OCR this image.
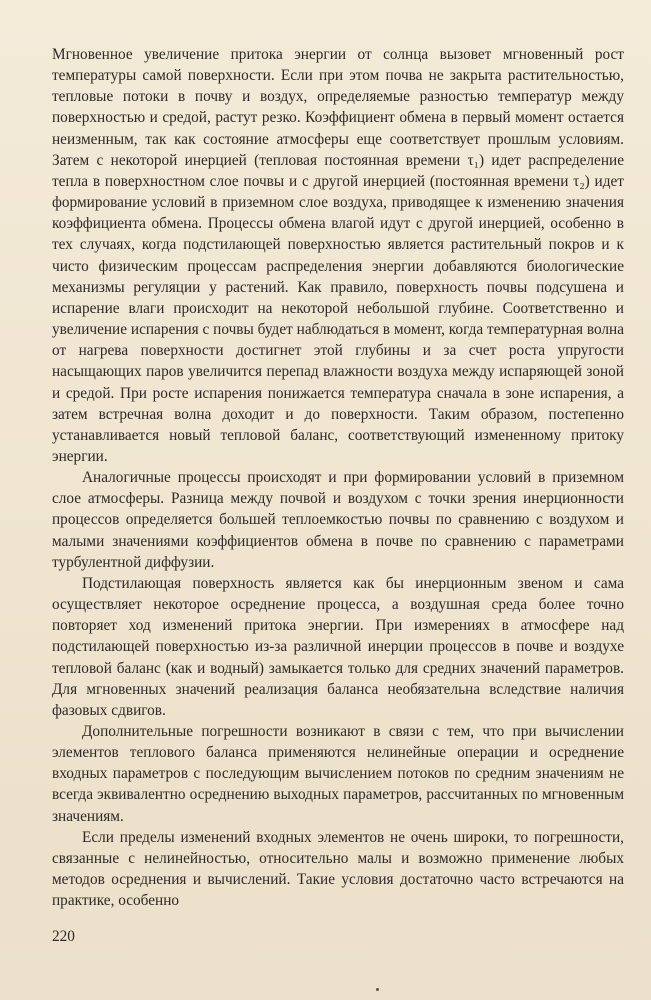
Мгновенное увеличение притока энергии от солнца вызовет мгновенный рост температуры самой поверхности. Если при этом почва не закрыта растительностью, тепловые потоки в почву и воздух, определяемые разностью температур между поверхностью и средой, растут резко. Коэффициент обмена в первый момент остается неизменным, так как состояние атмосферы еще соответствует прошлым условиям. Затем с некоторой инерцией (тепловая постоянная времени τ₁) идет распределение тепла в поверхностном слое почвы и с другой инерцией (постоянная времени τ₂) идет формирование условий в приземном слое воздуха, приводящее к изменению значения коэффициента обмена. Процессы обмена влагой идут с другой инерцией, особенно в тех случаях, когда подстилающей поверхностью является растительный покров и к чисто физическим процессам распределения энергии добавляются биологические механизмы регуляции у растений. Как правило, поверхность почвы подсушена и испарение влаги происходит на некоторой небольшой глубине. Соответственно и увеличение испарения с почвы будет наблюдаться в момент, когда температурная волна от нагрева поверхности достигнет этой глубины и за счет роста упругости насыщающих паров увеличится перепад влажности воздуха между испаряющей зоной и средой. При росте испарения понижается температура сначала в зоне испарения, а затем встречная волна доходит и до поверхности. Таким образом, постепенно устанавливается новый тепловой баланс, соответствующий измененному притоку энергии.

Аналогичные процессы происходят и при формировании условий в приземном слое атмосферы. Разница между почвой и воздухом с точки зрения инерционности процессов определяется большей теплоемкостью почвы по сравнению с воздухом и малыми значениями коэффициентов обмена в почве по сравнению с параметрами турбулентной диффузии.

Подстилающая поверхность является как бы инерционным звеном и сама осуществляет некоторое осреднение процесса, а воздушная среда более точно повторяет ход изменений притока энергии. При измерениях в атмосфере над подстилающей поверхностью из-за различной инерции процессов в почве и воздухе тепловой баланс (как и водный) замыкается только для средних значений параметров. Для мгновенных значений реализация баланса необязательна вследствие наличия фазовых сдвигов.

Дополнительные погрешности возникают в связи с тем, что при вычислении элементов теплового баланса применяются нелинейные операции и осреднение входных параметров с последующим вычислением потоков по средним значениям не всегда эквивалентно осреднению выходных параметров, рассчитанных по мгновенным значениям.

Если пределы изменений входных элементов не очень широки, то погрешности, связанные с нелинейностью, относительно малы и возможно применение любых методов осреднения и вычислений. Такие условия достаточно часто встречаются на практике, особенно

220
